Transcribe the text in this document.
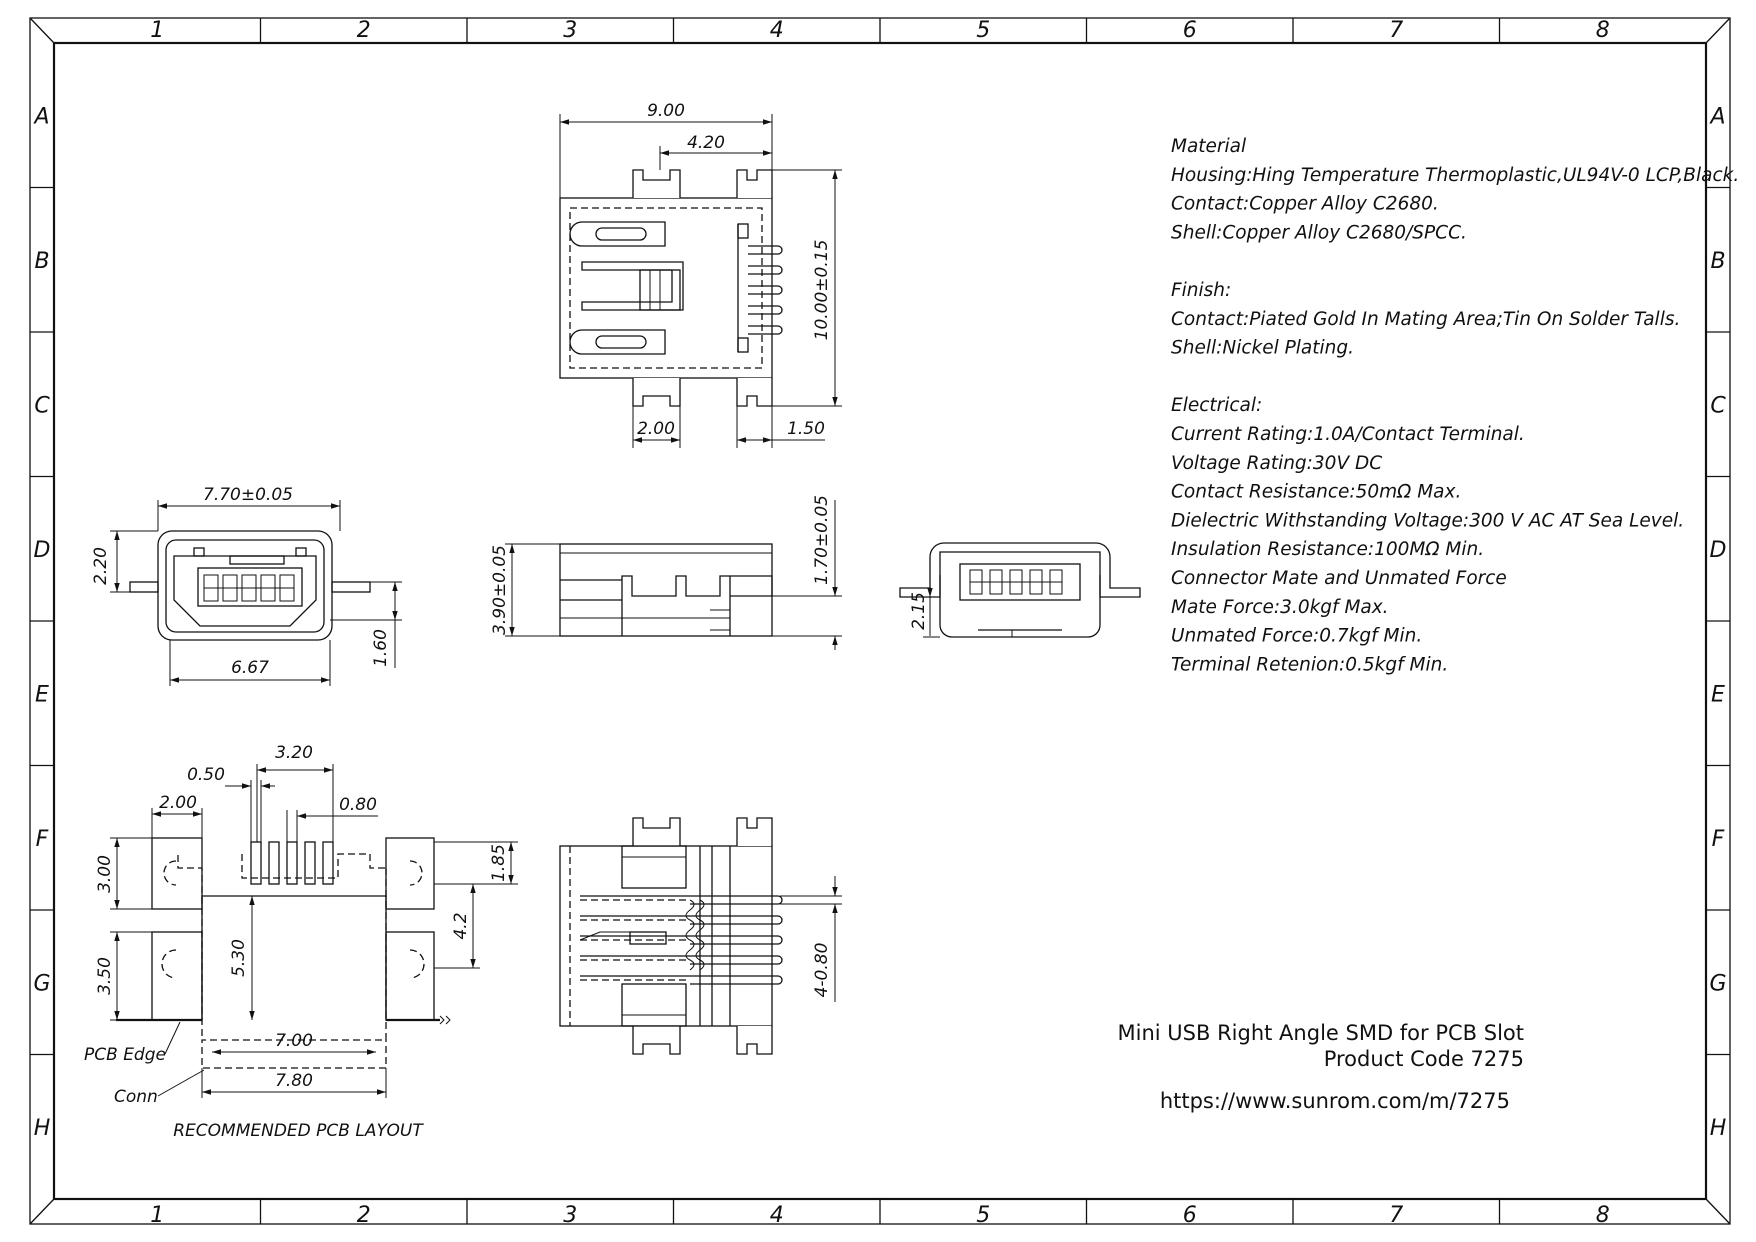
1
1
2
2
3
3
4
4
5
5
6
6
7
7
8
8
A	A
B	B
C	C
D	D
E	E
F	F
G	G
H	H
9.00
4.20
10.00±0.15
2.00	1.50
7.70±0.05
2.20
6.67
1.60
3.90±0.05
1.70±0.05
2.15
3.20
0.50
2.00	0.80
3.00	1.85
4.2
3.50	5.30
7.00
7.80
PCB Edge
Conn
RECOMMENDED PCB LAYOUT
4-0.80
Material
Housing:Hing Temperature Thermoplastic,UL94V-0 LCP,Black.
Contact:Copper Alloy C2680.
Shell:Copper Alloy C2680/SPCC.
Finish:
Contact:Piated Gold In Mating Area;Tin On Solder Talls.
Shell:Nickel Plating.
Electrical:
Current Rating:1.0A/Contact Terminal.
Voltage Rating:30V DC
Contact Resistance:50mΩ Max.
Dielectric Withstanding Voltage:300 V AC AT Sea Level.
Insulation Resistance:100MΩ Min.
Connector Mate and Unmated Force
Mate Force:3.0kgf Max.
Unmated Force:0.7kgf Min.
Terminal Retenion:0.5kgf Min.
Mini USB Right Angle SMD for PCB Slot
Product Code 7275
https://www.sunrom.com/m/7275
